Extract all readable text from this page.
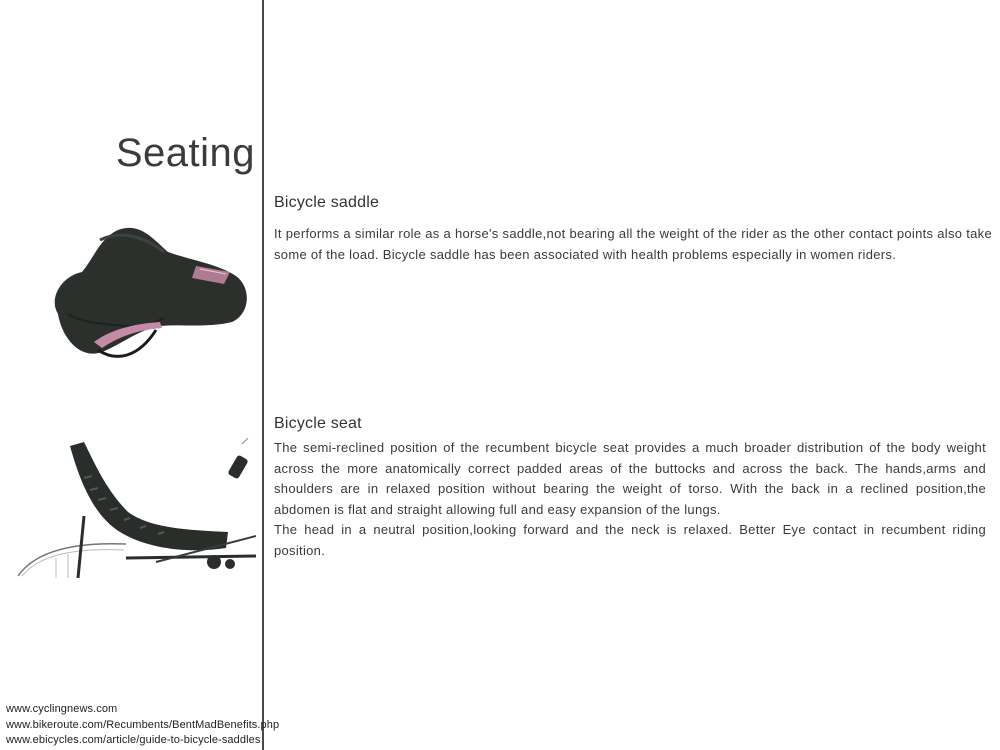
Seating
Bicycle saddle

It performs a similar role as a horse's saddle,not bearing all the weight of the rider as the other contact points also take some of the load. Bicycle saddle has been associated with health problems especially in women riders.

Bicycle seat

The semi-reclined position of the recumbent bicycle seat provides a much broader distribution of the body weight across the more anatomically correct padded areas of the buttocks and across the back. The hands,arms and shoulders are in relaxed position without bearing the weight of torso. With the back in a reclined position,the abdomen is flat and straight allowing full and easy expansion of the lungs.

The head in a neutral position,looking forward and the neck is relaxed. Better Eye contact in recumbent riding position.

www.cyclingnews.com
www.bikeroute.com/Recumbents/BentMadBenefits.php
www.ebicycles.com/article/guide-to-bicycle-saddles
